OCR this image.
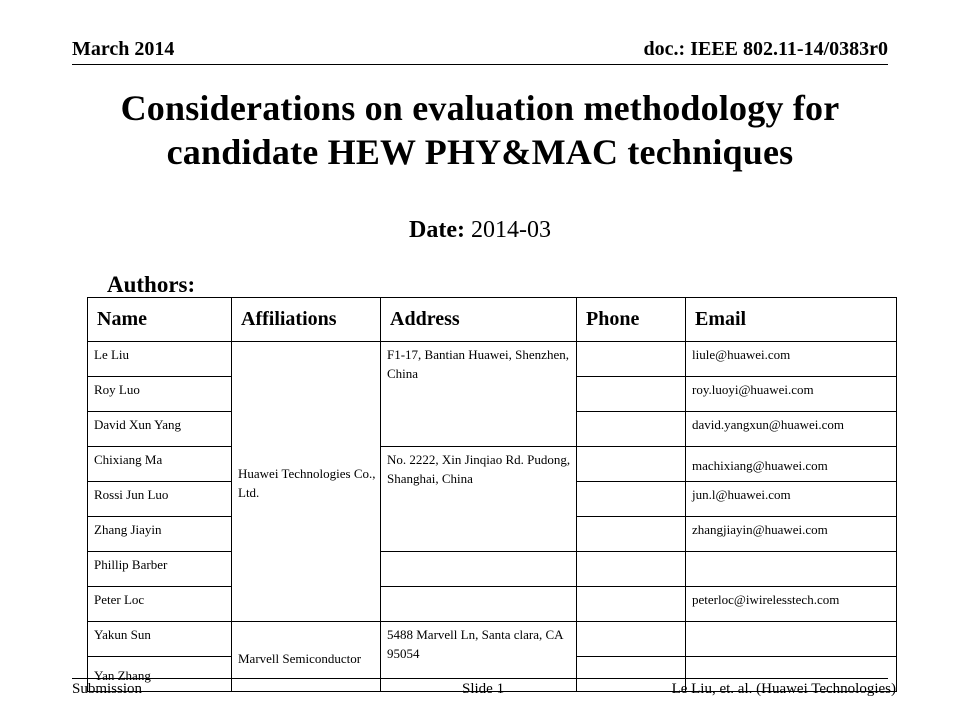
March 2014	doc.: IEEE 802.11-14/0383r0
Considerations on evaluation methodology for
candidate HEW PHY&MAC techniques
Date: 2014-03
Authors:
Name	Affiliations	Address	Phone	Email
Le Liu	Huawei Technologies Co., Ltd.	F1-17, Bantian Huawei, Shenzhen, China		liule@huawei.com
Roy Luo				roy.luoyi@huawei.com
David Xun Yang				david.yangxun@huawei.com
Chixiang Ma		No. 2222, Xin Jinqiao Rd. Pudong, Shanghai, China		machixiang@huawei.com
Rossi Jun Luo				jun.l@huawei.com
Zhang Jiayin				zhangjiayin@huawei.com
Phillip Barber				
Peter Loc				peterloc@iwirelesstech.com
Yakun Sun	Marvell Semiconductor	5488 Marvell Ln, Santa clara, CA 95054		
Yan Zhang				
Submission	Slide 1	Le Liu, et. al. (Huawei Technologies)
